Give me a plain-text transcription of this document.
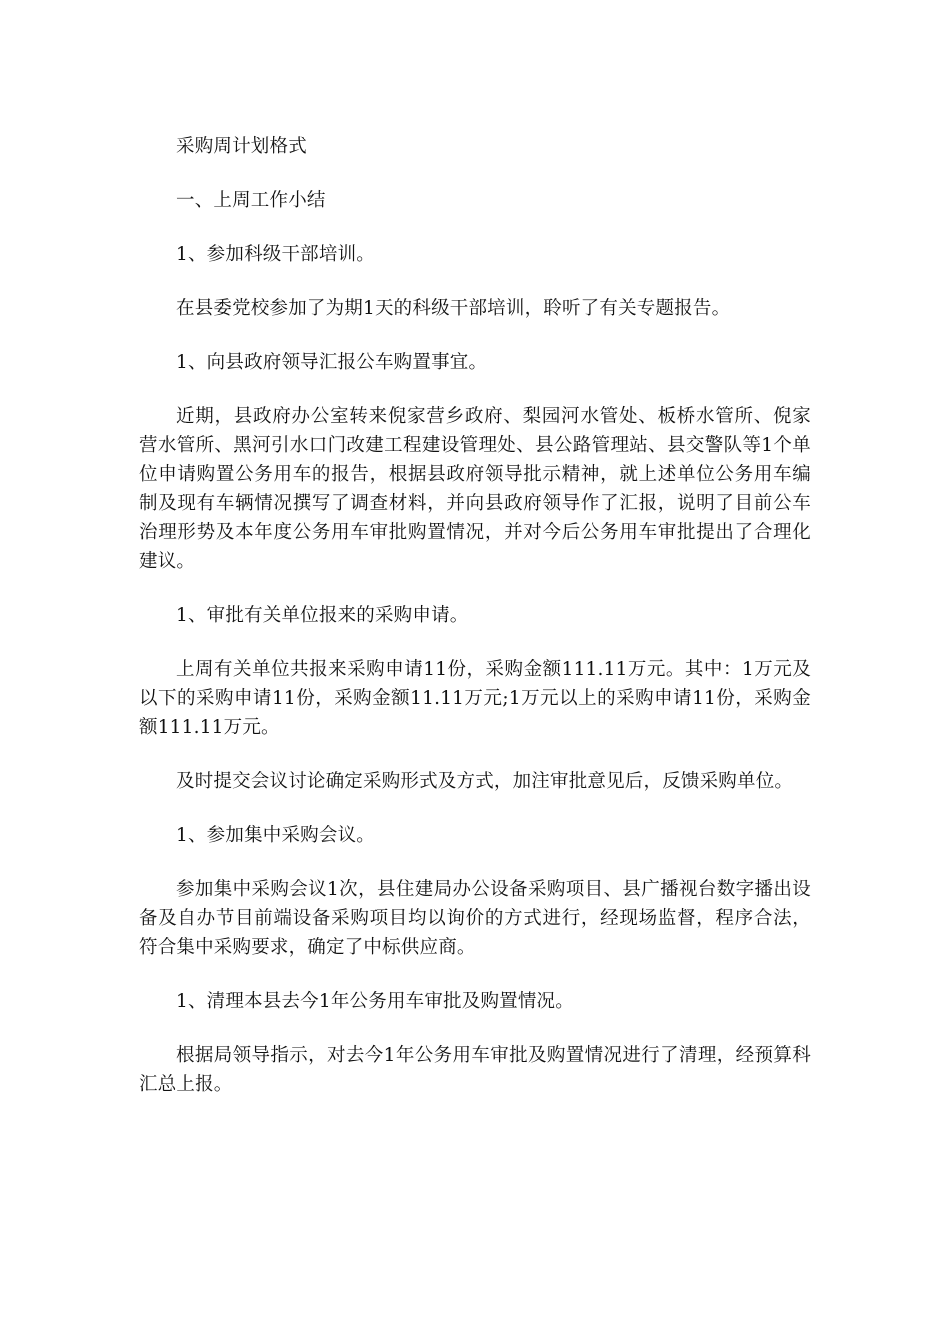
采购周计划格式

一、上周工作小结

1、参加科级干部培训。

在县委党校参加了为期1天的科级干部培训，聆听了有关专题报告。

1、向县政府领导汇报公车购置事宜。

近期，县政府办公室转来倪家营乡政府、梨园河水管处、板桥水管所、倪家营水管所、黑河引水口门改建工程建设管理处、县公路管理站、县交警队等1个单位申请购置公务用车的报告，根据县政府领导批示精神，就上述单位公务用车编制及现有车辆情况撰写了调查材料，并向县政府领导作了汇报，说明了目前公车治理形势及本年度公务用车审批购置情况，并对今后公务用车审批提出了合理化建议。

1、审批有关单位报来的采购申请。

上周有关单位共报来采购申请11份，采购金额111.11万元。其中：1万元及以下的采购申请11份，采购金额11.11万元;1万元以上的采购申请11份，采购金额111.11万元。

及时提交会议讨论确定采购形式及方式，加注审批意见后，反馈采购单位。

1、参加集中采购会议。

参加集中采购会议1次，县住建局办公设备采购项目、县广播视台数字播出设备及自办节目前端设备采购项目均以询价的方式进行，经现场监督，程序合法，符合集中采购要求，确定了中标供应商。

1、清理本县去今1年公务用车审批及购置情况。

根据局领导指示，对去今1年公务用车审批及购置情况进行了清理，经预算科汇总上报。
